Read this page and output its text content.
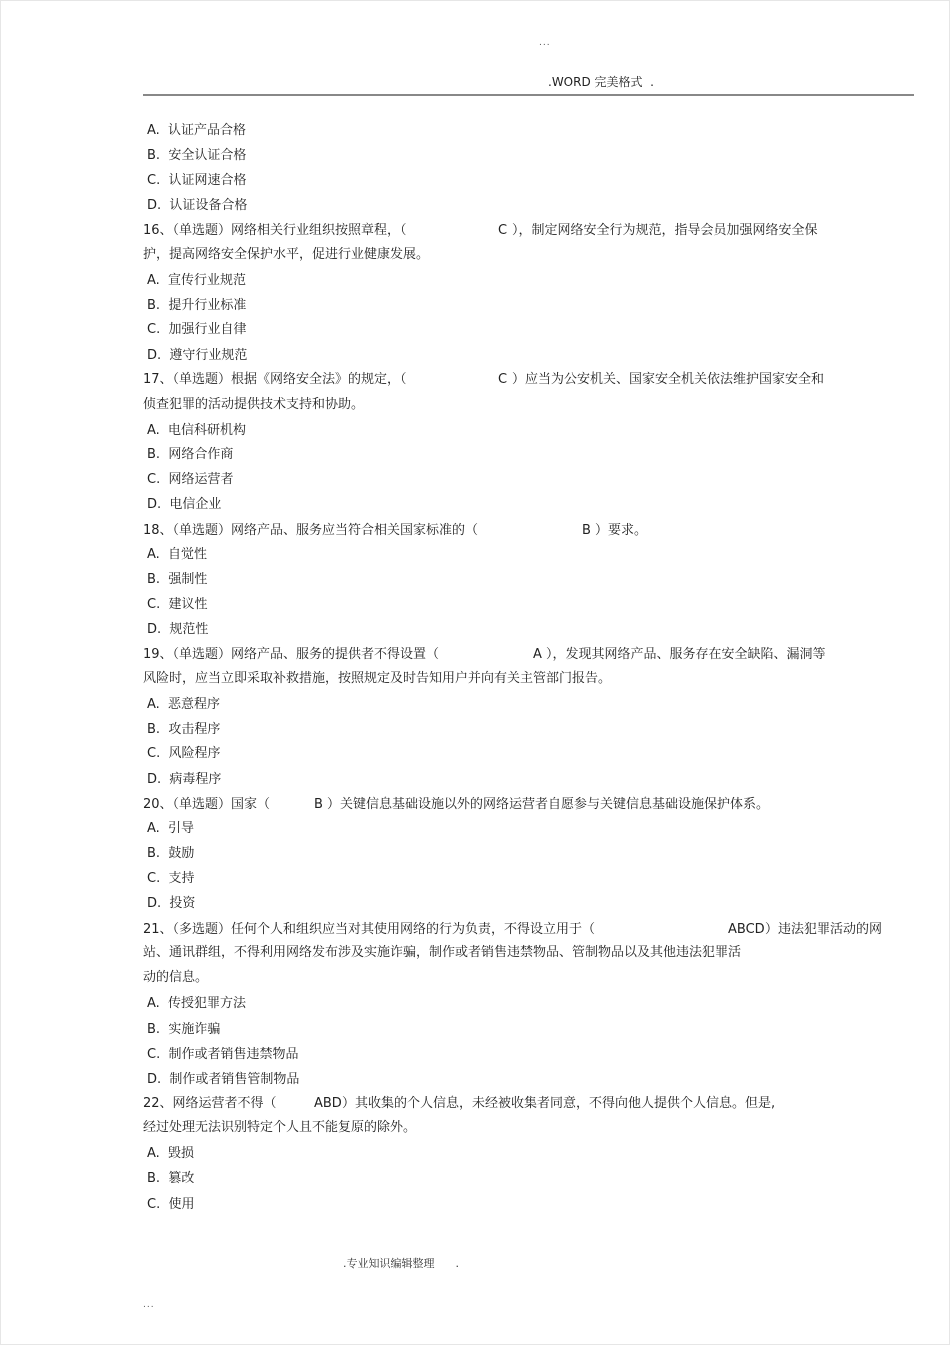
...
.WORD 完美格式  .
A.  认证产品合格
B.  安全认证合格
C.  认证网速合格
D.  认证设备合格
16、（单选题）网络相关行业组织按照章程，（	C ），制定网络安全行为规范，指导会员加强网络安全保
护，提高网络安全保护水平，促进行业健康发展。
A.  宣传行业规范
B.  提升行业标准
C.  加强行业自律
D.  遵守行业规范
17、（单选题）根据《网络安全法》的规定，（	C ）应当为公安机关、国家安全机关依法维护国家安全和
侦查犯罪的活动提供技术支持和协助。
A.  电信科研机构
B.  网络合作商
C.  网络运营者
D.  电信企业
18、（单选题）网络产品、服务应当符合相关国家标准的（	B ）要求。
A.  自觉性
B.  强制性
C.  建议性
D.  规范性
19、（单选题）网络产品、服务的提供者不得设置（	A ），发现其网络产品、服务存在安全缺陷、漏洞等
风险时，应当立即采取补救措施，按照规定及时告知用户并向有关主管部门报告。
A.  恶意程序
B.  攻击程序
C.  风险程序
D.  病毒程序
20、（单选题）国家（	B ）关键信息基础设施以外的网络运营者自愿参与关键信息基础设施保护体系。
A.  引导
B.  鼓励
C.  支持
D.  投资
21、（多选题）任何个人和组织应当对其使用网络的行为负责，不得设立用于（	ABCD ）违法犯罪活动的网
站、通讯群组，不得利用网络发布涉及实施诈骗，制作或者销售违禁物品、管制物品以及其他违法犯罪活
动的信息。
A.  传授犯罪方法
B.  实施诈骗
C.  制作或者销售违禁物品
D.  制作或者销售管制物品
22、网络运营者不得（	ABD ）其收集的个人信息，未经被收集者同意，不得向他人提供个人信息。但是,
经过处理无法识别特定个人且不能复原的除外。
A.  毁损
B.  篡改
C.  使用
.专业知识编辑整理      .
...
